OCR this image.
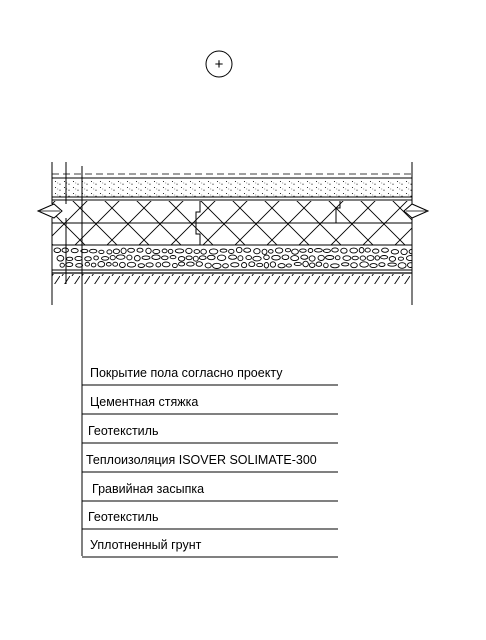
+
Покрытие пола согласно проекту
Цементная стяжка
Геотекстиль
Теплоизоляция ISOVER SOLIMATE-300
Гравийная засыпка
Геотекстиль
Уплотненный грунт
